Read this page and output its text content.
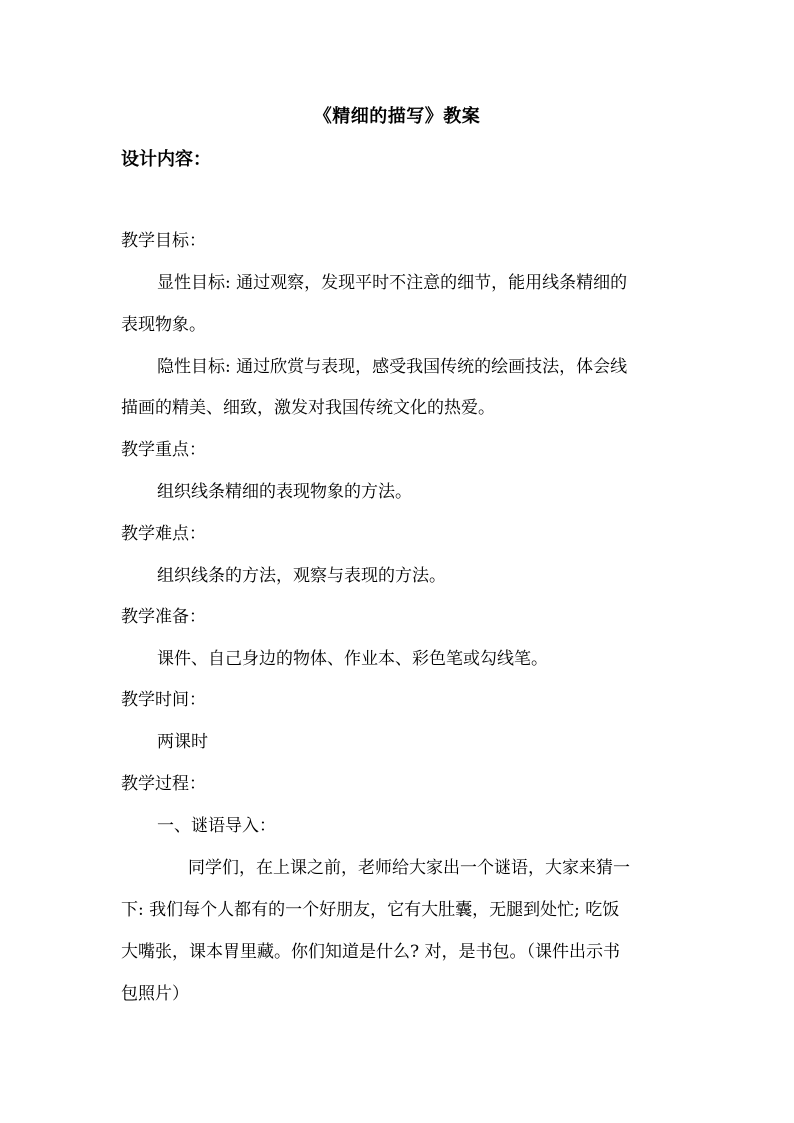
《精细的描写》教案
设计内容：
教学目标：
显性目标: 通过观察，发现平时不注意的细节，能用线条精细的
表现物象。
隐性目标: 通过欣赏与表现，感受我国传统的绘画技法，体会线
描画的精美、细致，激发对我国传统文化的热爱。
教学重点：
组织线条精细的表现物象的方法。
教学难点：
组织线条的方法，观察与表现的方法。
教学准备：
课件、自己身边的物体、作业本、彩色笔或勾线笔。
教学时间：
两课时
教学过程：
一、谜语导入：
同学们，在上课之前，老师给大家出一个谜语，大家来猜一
下: 我们每个人都有的一个好朋友，它有大肚囊，无腿到处忙; 吃饭
大嘴张，课本胃里藏。你们知道是什么? 对，是书包。（课件出示书
包照片）
